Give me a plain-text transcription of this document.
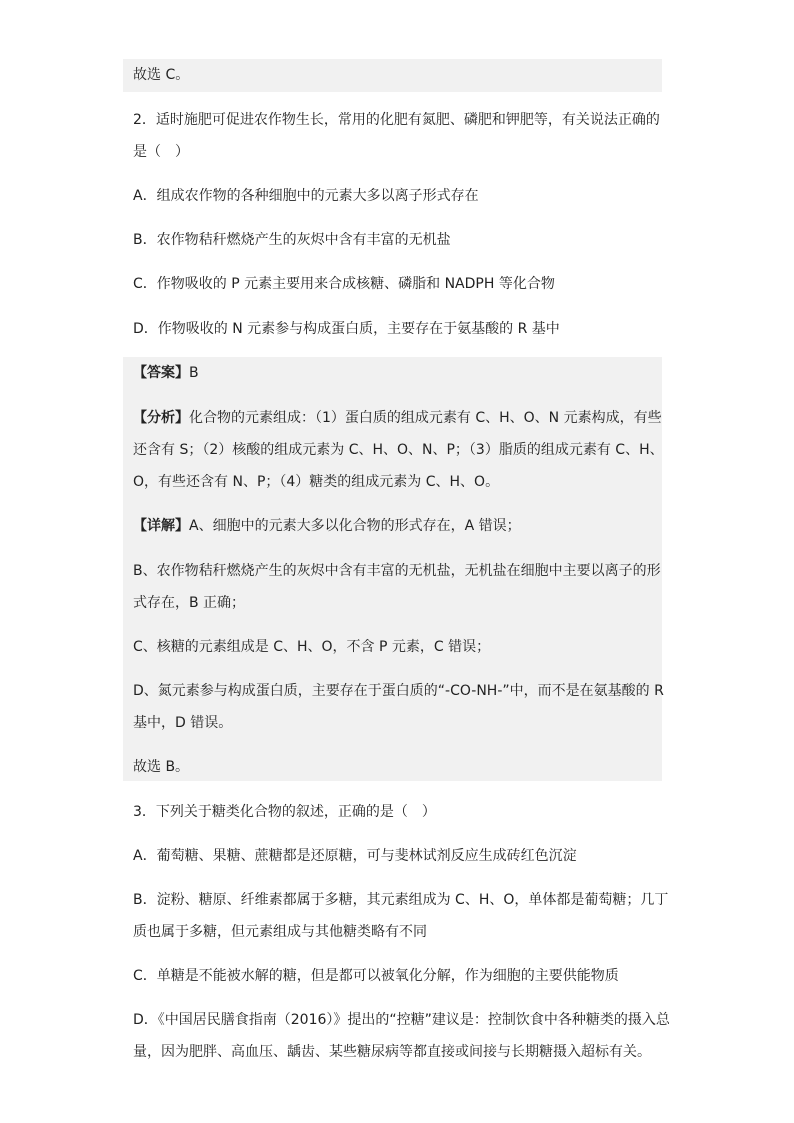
故选 C。
2．适时施肥可促进农作物生长，常用的化肥有氮肥、磷肥和钾肥等，有关说法正确的
是（　）
A．组成农作物的各种细胞中的元素大多以离子形式存在
B．农作物秸秆燃烧产生的灰烬中含有丰富的无机盐
C．作物吸收的 P 元素主要用来合成核糖、磷脂和 NADPH 等化合物
D．作物吸收的 N 元素参与构成蛋白质，主要存在于氨基酸的 R 基中
【答案】B
【分析】化合物的元素组成：（1）蛋白质的组成元素有 C、H、O、N 元素构成，有些
还含有 S；（2）核酸的组成元素为 C、H、O、N、P；（3）脂质的组成元素有 C、H、
O，有些还含有 N、P；（4）糖类的组成元素为 C、H、O。
【详解】A、细胞中的元素大多以化合物的形式存在，A 错误；
B、农作物秸秆燃烧产生的灰烬中含有丰富的无机盐，无机盐在细胞中主要以离子的形
式存在，B 正确；
C、核糖的元素组成是 C、H、O，不含 P 元素，C 错误；
D、氮元素参与构成蛋白质，主要存在于蛋白质的“-CO-NH-”中，而不是在氨基酸的 R
基中，D 错误。
故选 B。
3．下列关于糖类化合物的叙述，正确的是（　）
A．葡萄糖、果糖、蔗糖都是还原糖，可与斐林试剂反应生成砖红色沉淀
B．淀粉、糖原、纤维素都属于多糖，其元素组成为 C、H、O，单体都是葡萄糖；几丁
质也属于多糖，但元素组成与其他糖类略有不同
C．单糖是不能被水解的糖，但是都可以被氧化分解，作为细胞的主要供能物质
D．《中国居民膳食指南（2016）》提出的“控糖”建议是：控制饮食中各种糖类的摄入总
量，因为肥胖、高血压、龋齿、某些糖尿病等都直接或间接与长期糖摄入超标有关。
